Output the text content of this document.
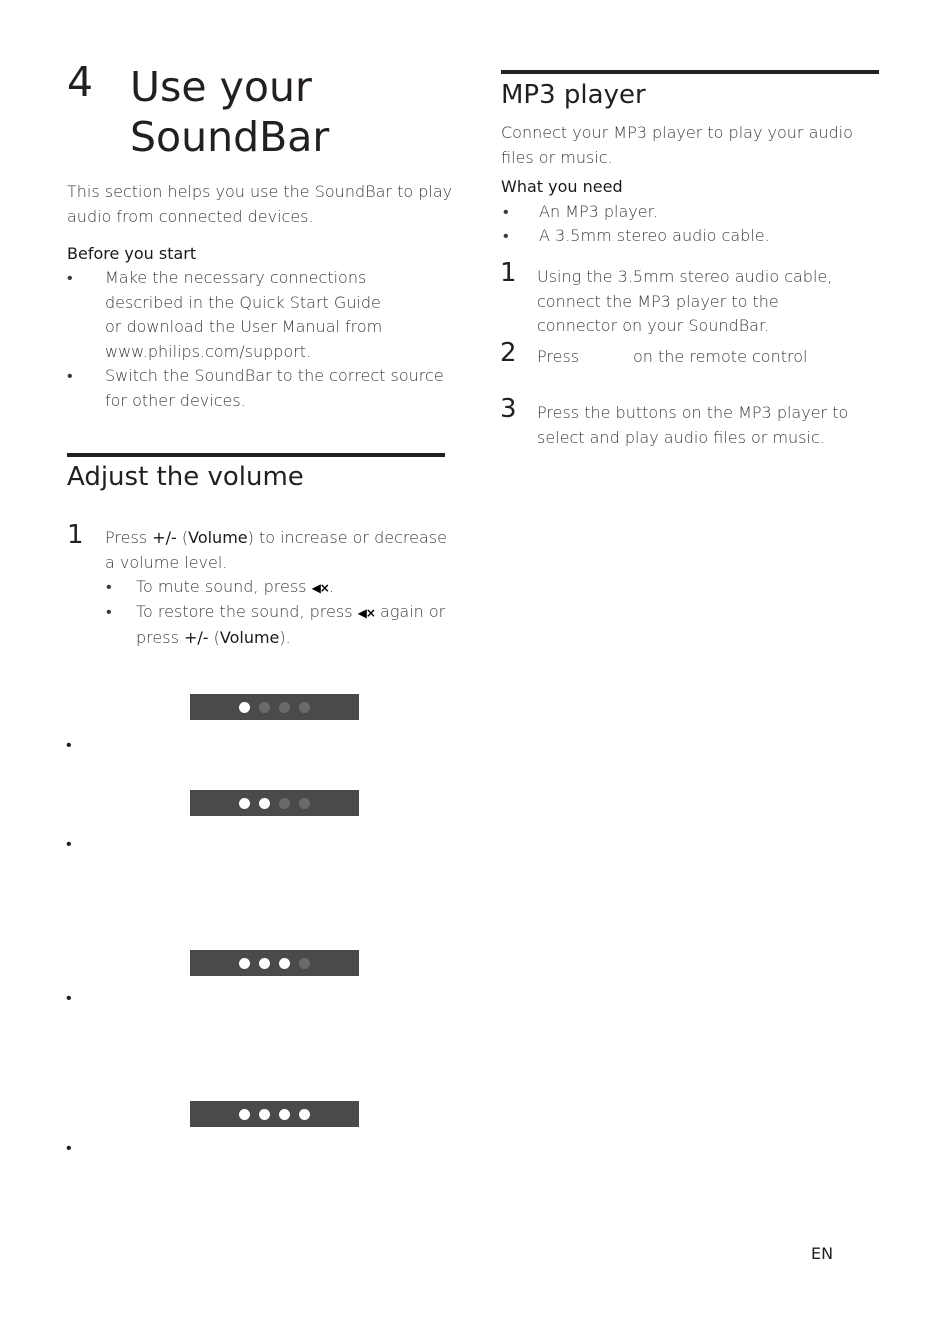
4 Use your
SoundBar
This section helps you use the SoundBar to play
audio from connected devices.
Before you start
• Make the necessary connections
described in the Quick Start Guide
or download the User Manual from
www.philips.com/support.
• Switch the SoundBar to the correct source
for other devices.
Adjust the volume
1 Press +/- (Volume) to increase or decrease
a volume level.
• To mute sound, press ◀×.
• To restore the sound, press ◀× again or
press +/- (Volume).
•
•
•
•
MP3 player
Connect your MP3 player to play your audio
files or music.
What you need
• An MP3 player.
• A 3.5mm stereo audio cable.
1 Using the 3.5mm stereo audio cable,
connect the MP3 player to the
connector on your SoundBar.
2 Press	on the remote control
3 Press the buttons on the MP3 player to
select and play audio files or music.
EN
